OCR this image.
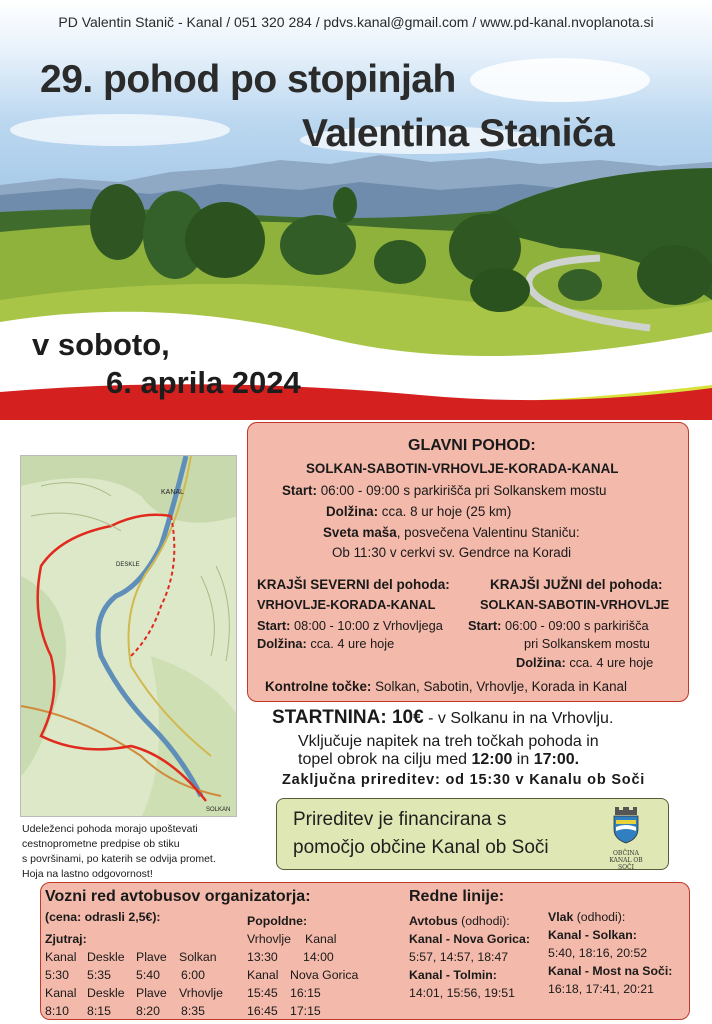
PD Valentin Stanič - Kanal / 051 320 284 / pdvs.kanal@gmail.com / www.pd-kanal.nvoplanota.si
29. pohod po stopinjah
Valentina Staniča
v soboto,
6. aprila 2024
KANAL
DESKLE
SOLKAN
GLAVNI POHOD:
SOLKAN-SABOTIN-VRHOVLJE-KORADA-KANAL
Start: 06:00 - 09:00 s parkirišča pri Solkanskem mostu
Dolžina: cca. 8 ur hoje (25 km)
Sveta maša, posvečena Valentinu Staniču:
Ob 11:30 v cerkvi sv. Gendrce na Koradi
KRAJŠI SEVERNI del pohoda:
VRHOVLJE-KORADA-KANAL
Start: 08:00 - 10:00 z Vrhovljega
Dolžina: cca. 4 ure hoje
KRAJŠI JUŽNI del pohoda:
SOLKAN-SABOTIN-VRHOVLJE
Start: 06:00 - 09:00 s parkirišča
pri Solkanskem mostu
Dolžina: cca. 4 ure hoje
Kontrolne točke: Solkan, Sabotin, Vrhovlje, Korada in Kanal
STARTNINA: 10€ - v Solkanu in na Vrhovlju.
Vključuje napitek na treh točkah pohoda in
topel obrok na cilju med 12:00 in 17:00.
Zaključna prireditev: od 15:30 v Kanalu ob Soči
Prireditev je financirana s
pomočjo občine Kanal ob Soči	OBČINA
KANAL OB SOČI
Udeleženci pohoda morajo upoštevati
cestnoprometne predpise ob stiku
s površinami, po katerih se odvija promet.
Hoja na lastno odgovornost!
Vozni red avtobusov organizatorja:
(cena: odrasli 2,5€):
Zjutraj:
Kanal Deskle Plave Solkan
5:30 5:35 5:40 6:00
Kanal Deskle Plave Vrhovlje
8:10 8:15 8:20 8:35
Popoldne:
Vrhovlje Kanal
13:30 14:00
Kanal Nova Gorica
15:45 16:15
16:45 17:15
Redne linije:
Avtobus (odhodi):
Kanal - Nova Gorica:
5:57, 14:57, 18:47
Kanal - Tolmin:
14:01, 15:56, 19:51
Vlak (odhodi):
Kanal - Solkan:
5:40, 18:16, 20:52
Kanal - Most na Soči:
16:18, 17:41, 20:21
